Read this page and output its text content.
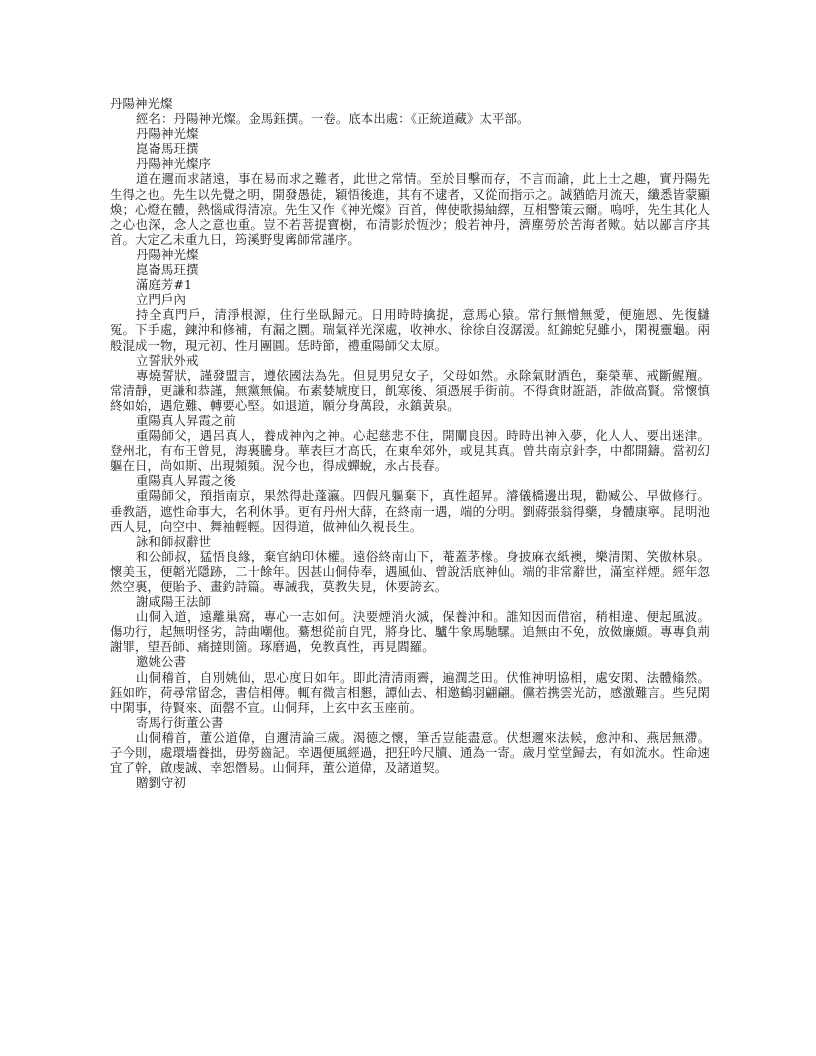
丹陽神光燦
經名：丹陽神光燦。金馬鈺撰。一卷。底本出處：《正統道藏》太平部。
丹陽神光燦
崑崙馬玨撰
丹陽神光燦序
道在邇而求諸遠，事在易而求之難者，此世之常情。至於目擊而存，不言而諭，此上士之趣，實丹陽先生得之也。先生以先覺之明，開發愚徒，穎悟後進，其有不逮者，又從而指示之。誠猶皓月流天，纖悉皆蒙顯煥；心燈在體，熱惱咸得清凉。先生又作《神光燦》百首，俾使歌揚紬繹，互相警策云爾。嗚呼，先生其化人之心也深，念人之意也重。豈不若菩提寶樹，布清影於恆沙；般若神丹，濟塵勞於苦海者歟。姑以鄙言序其首。大定乙未重九日，筠溪野叟寗師常謹序。
丹陽神光燦
崑崙馬玨撰
滿庭芳#1
立門戶內
持全真門戶，清淨根源，住行坐臥歸元。日用時時擒捉，意馬心猿。常行無憎無愛，便施恩、先復讎冤。下手處，鍊沖和修補，有漏之圜。瑞氣祥光深處，收神水、徐徐自沒潺湲。紅錦蛇兒雖小，閑視靈龜。兩般混成一物，現元初、性月團圓。恁時節，禮重陽師父太原。
立誓狀外戒
專燒誓狀，謹發盟言，遵依國法為先。但見男兒女子，父母如然。永除氣財酒色，棄榮華、戒斷鯹羶。常清靜，更謙和恭謹，無黨無偏。布素婪虓度日，飢寒後、須憑展手街前。不得貪財誑語，詐做高賢。常懷慎終如始，遇危難、轉要心堅。如退道，願分身萬段，永鎮黃泉。
重陽真人昇霞之前
重陽師父，遇呂真人，養成神內之神。心起慈悲不住，開闡良因。時時出神入夢，化人人、要出迷津。登州北，有布王曾見，海裏騰身。華表巨才高氏，在東牟郊外，或見其真。曾共南京針李，中都開鑄。當初幻軀在日，尚如斯、出現頻頻。況今也，得成蟬蛻，永占長春。
重陽真人昇霞之後
重陽師父，預指南京，果然得赴蓬瀛。四假凡軀棄下，真性超昇。濬儀橋邊出現，勸臧公、早做修行。垂教語，遮性命事大，名利休爭。更有丹州大薛，在終南一遇，端的分明。劉蔣張翁得藥，身體康寧。昆明池西人見，向空中、舞袖輕輕。因得道，做神仙久視長生。
詠和師叔辭世
和公師叔，猛悟良緣，棄官納印休權。遠俗終南山下，菴蓋茅椽。身披麻衣紙襖，樂清閑、笑傲林泉。懷美玉，便韜光隱跡，二十餘年。因甚山侗侍奉，遇風仙、曾說活底神仙。端的非常辭世，滿室祥煙。經年忽然空裏，便貽予、畫釣詩篇。專誡我，莫教失見，休要誇玄。
謝咸陽王法師
山侗入道，遠離巢窩，專心一志如何。決要煙消火滅，保養沖和。誰知因而借宿，稍相違、便起風波。傷功行，起無明怪劣，詩曲嘲他。驀想從前自咒，將身比、驢牛象馬馳騾。追無由不免，放傚廉頗。專專負荊謝罪，望吾師、痛撻則箇。琢磨過，免教真性，再見閻羅。
邀姚公書
山侗稽首，自別姚仙，思心度日如年。即此清清雨霽，遍潤芝田。伏惟神明協相，處安閑、法體翛然。鈺如昨，荷尋常留念，書信相傳。輒有微言相懇，譚仙去、相邀鶴羽翩翩。儻若携雲光訪，感激難言。些兒閑中閑事，待賢來、面罄不宣。山侗拜，上玄中玄玉座前。
寄馬行街董公書
山侗稽首，董公道偉，自邇清論三歲。渴德之懷，筆舌豈能盡意。伏想邇來法候，愈沖和、燕居無滯。子今則，處環墻養拙，毋勞齒記。幸遇便風經過，把狂吟尺牘、通為一寄。歲月堂堂歸去，有如流水。性命速宜了幹，啟虔誠、幸恕僭易。山侗拜，董公道偉，及諸道契。
贈劉守初
